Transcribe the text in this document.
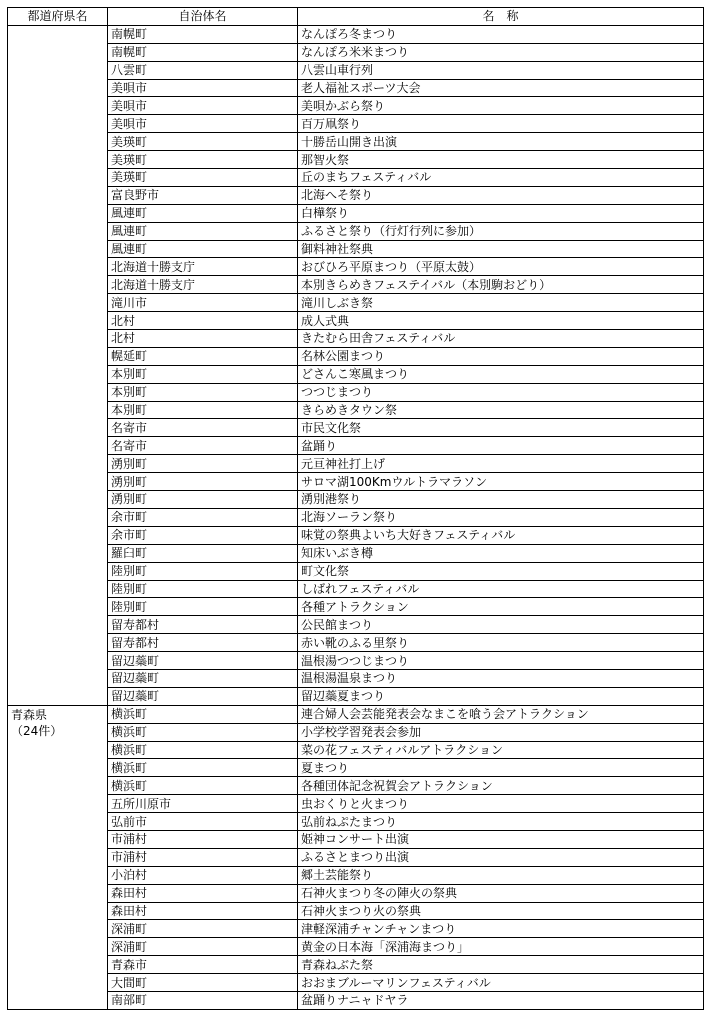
都道府県名	自治体名	名　称

	南幌町	なんぽろ冬まつり
	南幌町	なんぽろ米米まつり
	八雲町	八雲山車行列
	美唄市	老人福祉スポーツ大会
	美唄市	美唄かぶら祭り
	美唄市	百万凧祭り
	美瑛町	十勝岳山開き出演
	美瑛町	那智火祭
	美瑛町	丘のまちフェスティバル
	富良野市	北海へそ祭り
	風連町	白樺祭り
	風連町	ふるさと祭り（行灯行列に参加）
	風連町	御料神社祭典
	北海道十勝支庁	おびひろ平原まつり（平原太鼓）
	北海道十勝支庁	本別きらめきフェステイバル（本別駒おどり）
	滝川市	滝川しぶき祭
	北村	成人式典
	北村	きたむら田舎フェスティバル
	幌延町	名林公園まつり
	本別町	どさんこ寒風まつり
	本別町	つつじまつり
	本別町	きらめきタウン祭
	名寄市	市民文化祭
	名寄市	盆踊り
	湧別町	元亘神社打上げ
	湧別町	サロマ湖100Kmウルトラマラソン
	湧別町	湧別港祭り
	余市町	北海ソーラン祭り
	余市町	味覚の祭典よいち大好きフェスティバル
	羅臼町	知床いぶき樽
	陸別町	町文化祭
	陸別町	しばれフェスティバル
	陸別町	各種アトラクション
	留寿都村	公民館まつり
	留寿都村	赤い靴のふる里祭り
	留辺蘂町	温根湯つつじまつり
	留辺蘂町	温根湯温泉まつり
	留辺蘂町	留辺蘂夏まつり

青森県
（24件）	横浜町	連合婦人会芸能発表会なまこを喰う会アトラクション
	横浜町	小学校学習発表会参加
	横浜町	菜の花フェスティバルアトラクション
	横浜町	夏まつり
	横浜町	各種団体記念祝賀会アトラクション
	五所川原市	虫おくりと火まつり
	弘前市	弘前ねぷたまつり
	市浦村	姫神コンサート出演
	市浦村	ふるさとまつり出演
	小泊村	郷土芸能祭り
	森田村	石神火まつり冬の陣火の祭典
	森田村	石神火まつり火の祭典
	深浦町	津軽深浦チャンチャンまつり
	深浦町	黄金の日本海「深浦海まつり」
	青森市	青森ねぶた祭
	大間町	おおまブルーマリンフェスティバル
	南部町	盆踊りナニャドヤラ
